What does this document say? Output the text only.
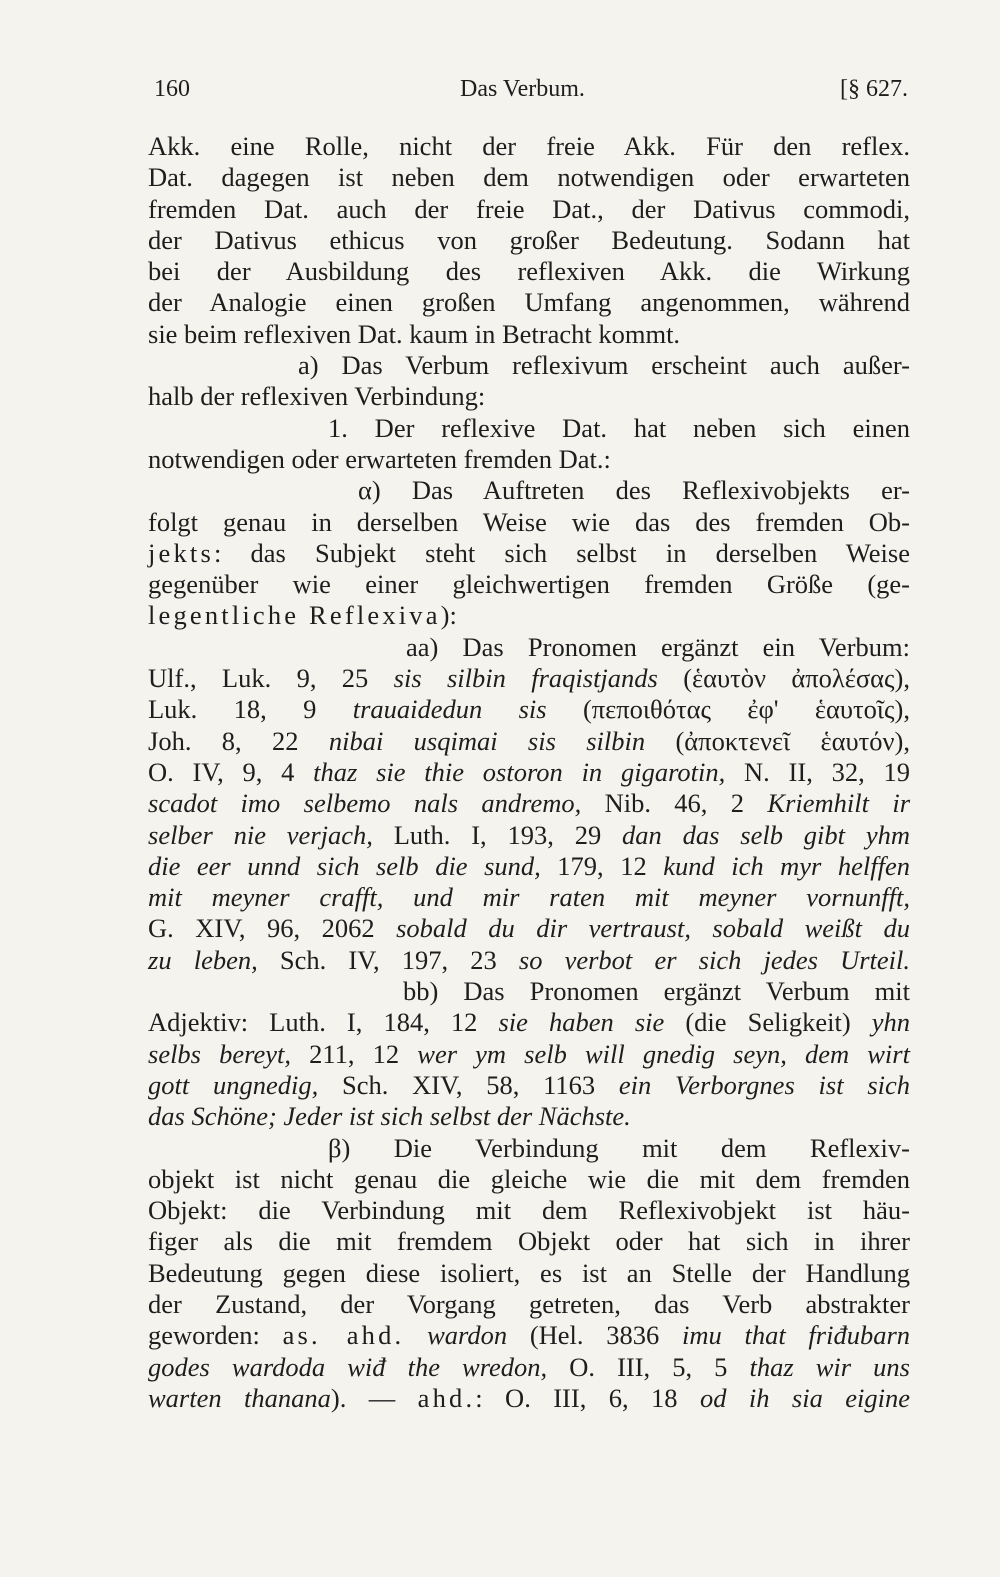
160	Das Verbum.	[§ 627.
Akk. eine Rolle, nicht der freie Akk. Für den reflex.
Dat. dagegen ist neben dem notwendigen oder erwarteten
fremden Dat. auch der freie Dat., der Dativus commodi,
der Dativus ethicus von großer Bedeutung. Sodann hat
bei der Ausbildung des reflexiven Akk. die Wirkung
der Analogie einen großen Umfang angenommen, während
sie beim reflexiven Dat. kaum in Betracht kommt.
a) Das Verbum reflexivum erscheint auch außer-
halb der reflexiven Verbindung:
1. Der reflexive Dat. hat neben sich einen
notwendigen oder erwarteten fremden Dat.:
α) Das Auftreten des Reflexivobjekts er-
folgt genau in derselben Weise wie das des fremden Ob-
jekts: das Subjekt steht sich selbst in derselben Weise
gegenüber wie einer gleichwertigen fremden Größe (ge-
legentliche Reflexiva):
aa) Das Pronomen ergänzt ein Verbum:
Ulf., Luk. 9, 25 sis silbin fraqistjands (ἑαυτὸν ἀπολέσας),
Luk. 18, 9 trauaidedun sis (πεποιθότας ἐφ' ἑαυτοῖς),
Joh. 8, 22 nibai usqimai sis silbin (ἀποκτενεῖ ἑαυτόν),
O. IV, 9, 4 thaz sie thie ostoron in gigarotin, N. II, 32, 19
scadot imo selbemo nals andremo, Nib. 46, 2 Kriemhilt ir
selber nie verjach, Luth. I, 193, 29 dan das selb gibt yhm
die eer unnd sich selb die sund, 179, 12 kund ich myr helffen
mit meyner crafft, und mir raten mit meyner vornunfft,
G. XIV, 96, 2062 sobald du dir vertraust, sobald weißt du
zu leben, Sch. IV, 197, 23 so verbot er sich jedes Urteil.
bb) Das Pronomen ergänzt Verbum mit
Adjektiv: Luth. I, 184, 12 sie haben sie (die Seligkeit) yhn
selbs bereyt, 211, 12 wer ym selb will gnedig seyn, dem wirt
gott ungnedig, Sch. XIV, 58, 1163 ein Verborgnes ist sich
das Schöne; Jeder ist sich selbst der Nächste.
β) Die Verbindung mit dem Reflexiv-
objekt ist nicht genau die gleiche wie die mit dem fremden
Objekt: die Verbindung mit dem Reflexivobjekt ist häu-
figer als die mit fremdem Objekt oder hat sich in ihrer
Bedeutung gegen diese isoliert, es ist an Stelle der Handlung
der Zustand, der Vorgang getreten, das Verb abstrakter
geworden: as. ahd. wardon (Hel. 3836 imu that friđubarn
godes wardoda wiđ the wredon, O. III, 5, 5 thaz wir uns
warten thanana). — ahd.: O. III, 6, 18 od ih sia eigine
